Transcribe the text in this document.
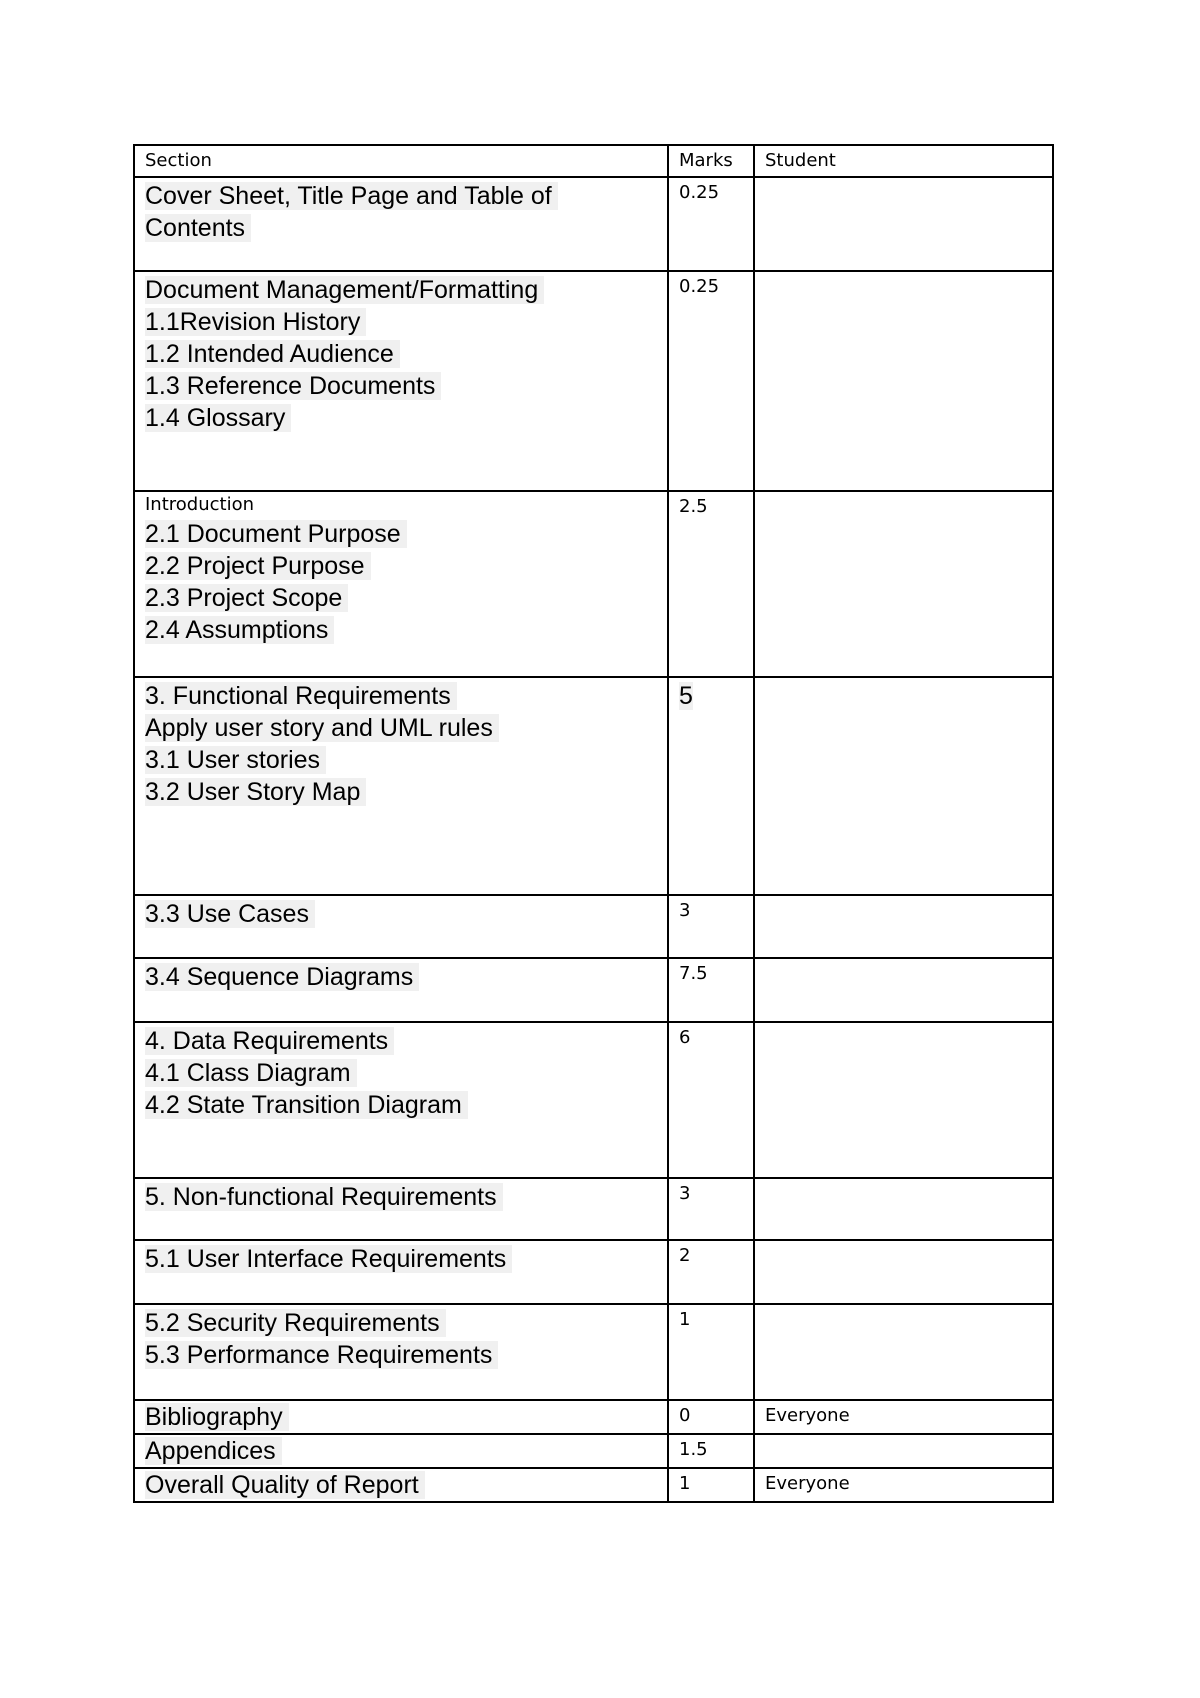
Section	Marks	Student

Cover Sheet, Title Page and Table of
Contents	0.25	

Document Management/Formatting
1.1Revision History
1.2 Intended Audience
1.3 Reference Documents
1.4 Glossary	0.25	

Introduction
2.1 Document Purpose
2.2 Project Purpose
2.3 Project Scope
2.4 Assumptions	2.5	

3. Functional Requirements
Apply user story and UML rules
3.1 User stories
3.2 User Story Map	5	

3.3 Use Cases	3	

3.4 Sequence Diagrams	7.5	

4. Data Requirements
4.1 Class Diagram
4.2 State Transition Diagram	6	

5. Non-functional Requirements	3	

5.1 User Interface Requirements	2	

5.2 Security Requirements
5.3 Performance Requirements	1	

Bibliography	0	Everyone

Appendices	1.5	

Overall Quality of Report	1	Everyone
